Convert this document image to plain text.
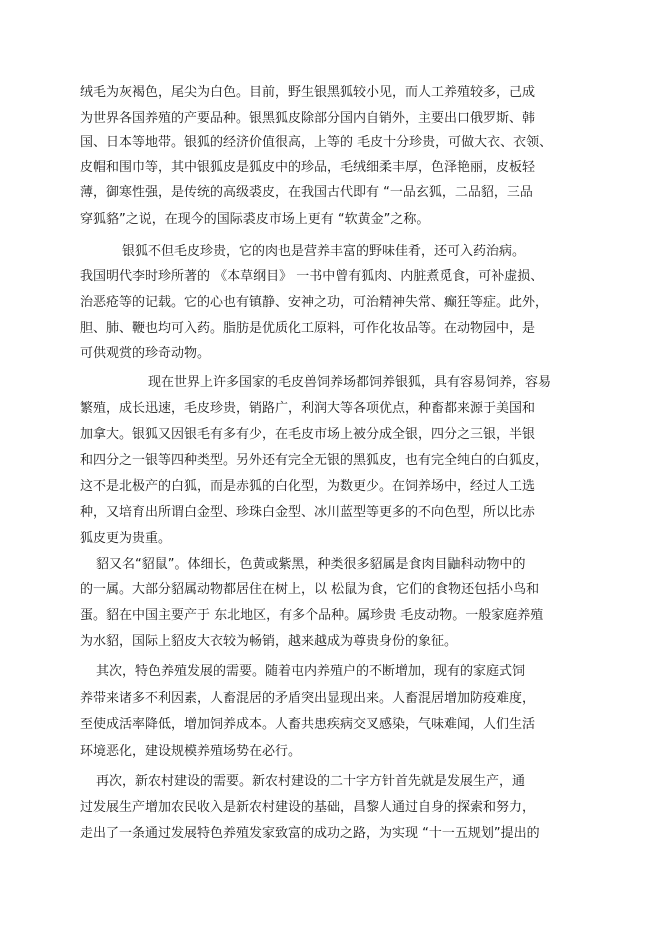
绒毛为灰褐色，尾尖为白色。目前，野生银黑狐较小见，而人工养殖较多，己成

为世界各国养殖的产要品种。银黑狐皮除部分国内自销外，主要出口俄罗斯、韩

国、日本等地带。银狐的经济价值很高，上等的 毛皮十分珍贵，可做大衣、衣领、

皮帽和围巾等，其中银狐皮是狐皮中的珍品，毛绒细柔丰厚，色泽艳丽，皮板轻

薄，御寒性强，是传统的高级裘皮，在我国古代即有 “一品玄狐，二品貂，三品

穿狐貉”之说，在现今的国际裘皮市场上更有 “软黄金”之称。

银狐不但毛皮珍贵，它的肉也是营养丰富的野味佳肴，还可入药治病。

我国明代李时珍所著的 《本草纲目》 一书中曾有狐肉、内脏煮觅食，可补虚损、

治恶疮等的记载。它的心也有镇静、安神之功，可治精神失常、癫狂等症。此外，

胆、肺、鞭也均可入药。脂肪是优质化工原料，可作化妆品等。在动物园中，是

可供观赏的珍奇动物。

现在世界上许多国家的毛皮兽饲养场都饲养银狐，具有容易饲养，容易

繁殖，成长迅速，毛皮珍贵，销路广，利润大等各项优点，种畜都来源于美国和

加拿大。银狐又因银毛有多有少，在毛皮市场上被分成全银，四分之三银，半银

和四分之一银等四种类型。另外还有完全无银的黑狐皮，也有完全纯白的白狐皮，

这不是北极产的白狐，而是赤狐的白化型，为数更少。在饲养场中，经过人工选

种，又培育出所谓白金型、珍珠白金型、冰川蓝型等更多的不向色型，所以比赤

狐皮更为贵重。

貂又名“貂鼠”。体细长，色黄或紫黑，种类很多貂属是食肉目鼬科动物中的

的一属。大部分貂属动物都居住在树上，以 松鼠为食，它们的食物还包括小鸟和

蛋。貂在中国主要产于 东北地区，有多个品种。属珍贵 毛皮动物。一般家庭养殖

为水貂，国际上貂皮大衣较为畅销，越来越成为尊贵身份的象征。

其次，特色养殖发展的需要。随着屯内养殖户的不断增加，现有的家庭式饲

养带来诸多不利因素，人畜混居的矛盾突出显现出来。人畜混居增加防疫难度，

至使成活率降低，增加饲养成本。人畜共患疾病交叉感染，气味难闻，人们生活

环境恶化，建设规模养殖场势在必行。

再次，新农村建设的需要。新农村建设的二十字方针首先就是发展生产，通

过发展生产增加农民收入是新农村建设的基础，昌黎人通过自身的探索和努力，

走出了一条通过发展特色养殖发家致富的成功之路，为实现 “十一五规划”提出的
